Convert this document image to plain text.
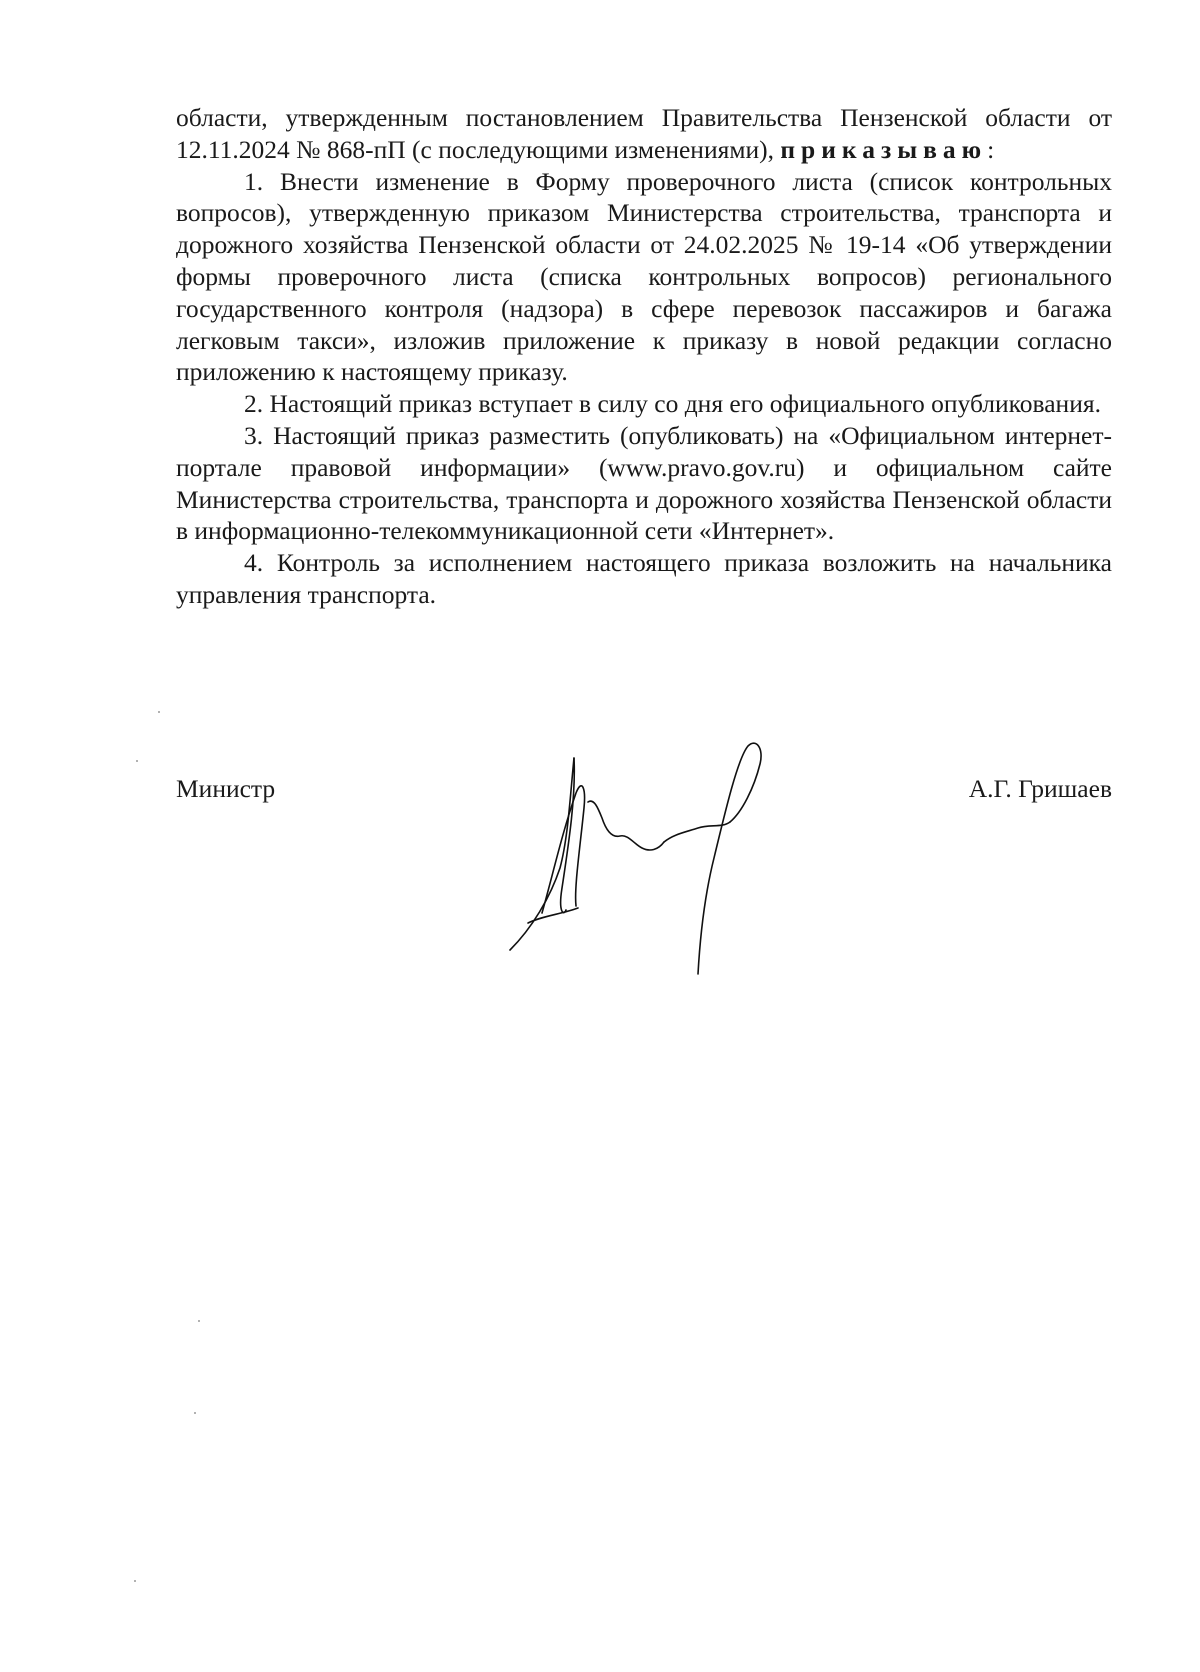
области, утвержденным постановлением Правительства Пензенской области от 12.11.2024 № 868-пП (с последующими изменениями), приказываю:

1. Внести изменение в Форму проверочного листа (список контрольных вопросов), утвержденную приказом Министерства строительства, транспорта и дорожного хозяйства Пензенской области от 24.02.2025 № 19-14 «Об утверждении формы проверочного листа (списка контрольных вопросов) регионального государственного контроля (надзора) в сфере перевозок пассажиров и багажа легковым такси», изложив приложение к приказу в новой редакции согласно приложению к настоящему приказу.

2. Настоящий приказ вступает в силу со дня его официального опубликования.

3. Настоящий приказ разместить (опубликовать) на «Официальном интернет-портале правовой информации» (www.pravo.gov.ru) и официальном сайте Министерства строительства, транспорта и дорожного хозяйства Пензенской области в информационно-телекоммуникационной сети «Интернет».

4. Контроль за исполнением настоящего приказа возложить на начальника управления транспорта.

Министр	А.Г. Гришаев
